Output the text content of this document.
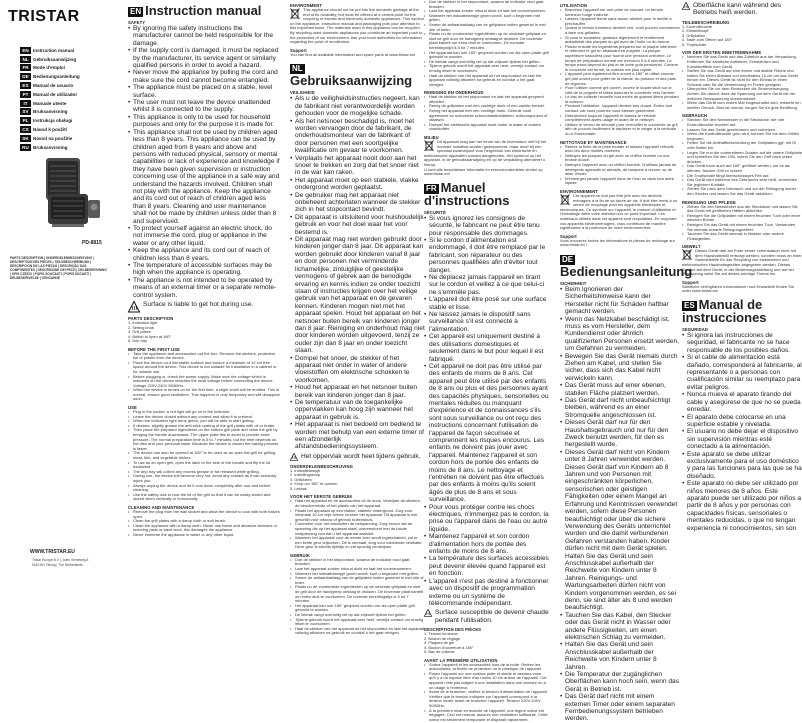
TRISTAR
EN Instruction manual
NL Gebruiksaanwijzing
FR Mode d'emploi
DE Bedienungsanleitung
ES Manual de usuario
PT Manual de utilizador
IT	Manuale utente
SV Bruksanvisning
PL Instrukcja obsługi
CS Návod k použití
SK Návod na použitie
RU Bruksanvisning
PD-8815
PARTS DESCRIPTION | ONDERDELENBESCHRIJVING | DESCRIPTION DES PIÈCES | TEILEBESCHREIBUNG | DESCRIPCIÓN DE LAS PIEZAS | DESCRIÇÃO DAS COMPONENTES | DESCRIZIONE DEI PEZZI | DELBESKRIVNING | OPIS CZĘŚCI | POPIS SOUČÁSTÍ | POPIS SÚČASTÍ | DELBESKRIVELSE | ОПИСАНИЕ
WWW.TRISTAR.EU
Tristar Europe B.V. | Jules Verneweg 8
5015 BH Tilburg | The Netherlands
EN Instruction manual
SAFETY
• By ignoring the safety instructions the manufacturer cannot be held responsible for the damage.
• If the supply cord is damaged, it must be replaced by the manufacturer, its service agent or similarly qualified persons in order to avoid a hazard.
• Never move the appliance by pulling the cord and make sure the cord cannot become entangled.
• The appliance must be placed on a stable, level surface.
• The user must not leave the device unattended whilst it is connected to the supply.
• This appliance is only to be used for household purposes and only for the purpose it is made for.
• This appliance shall not be used by children aged less than 8 years. This appliance can be used by children aged from 8 years and above and persons with reduced physical, sensory or mental capabilities or lack of experience and knowledge if they have been given supervision or instruction concerning use of the appliance in a safe way and understand the hazards involved. Children shall not play with the appliance. Keep the appliance and its cord out of reach of children aged less than 8 years. Cleaning and user maintenance shall not be made by children unless older than 8 and supervised.
• To protect yourself against an electric shock, do not immerse the cord, plug or appliance in the water or any other liquid.
• Keep the appliance and its cord out of reach of children less than 8 years.
• The temperature of accessible surfaces may be high when the appliance is operating.
• The appliance is not intended to be operated by means of an external timer or a separate remote-control system.
Surface is liable to get hot during use.
PARTS DESCRIPTION
1. Indication light
2. Setting knob
3. Grill plates
4. Button to open at 180°
5. Drip tray
BEFORE THE FIRST USE
• Take the appliance and accessories out the box. Remove the stickers, protective foil or plastic from the device.
• Place the device on a flat stable surface and ensure a minimum of 10 cm free space around the device. This device is not suitable for installation in a cabinet or for outside use.
• Before plugging in, check the power supply. Make sure the voltage which is indicated on the device matches the local voltage before connecting the device. Voltage 220V-240V 50/60Hz.
• When the device is turned on for the first time, a slight smell will be emitted. This is normal, ensure good ventilation. This happens in only temporary and will disappear soon.
USE
• Plug in the socket, a red light will go on in the indicator.
• Leave the device closed without any content and allow it to preheat.
• When the indication light turns green, you will be able to start grilling.
• If desired, slightly grease the anti-stick coating of the grill plates with oil or butter.
• Then place the prepared ingredients on the bottom grill plate and close the grill by bringing the handle downwards. The upper plate tilts to avoid to provide extra pressure. The normal preparation time is 5 to 7 minutes, but the time depends on the dish and your personal taste. Because the device is closed the baking process is faster.
• The device can also be opened at 180° to be used as an open flat grill for grilling meat, fish, and vegetable dishes.
• To use as an open grill, open the latch to the side of the handle and flip the lid backward.
• The drip tray will collect any excess grease or fat released while grilling.
• During use, the device will become very hot, avoid any contact as it can seriously injure you.
• Always unplug the device and let it cool down completely after use and before cleaning.
• Use the safety lock to lock the lid of the grill so that it can be easily stored and stored when vertically or horizontally.
CLEANING AND MAINTENANCE
• Remove the plug from the wall socket and allow the device to cool with both halves open.
• Clean the grill plates with a damp cloth or soft brush.
• Clean the appliance with a damp cloth. Never use harsh and abrasive cleaners or scouring pads or steel wool, this damages the appliance.
• Never immerse the appliance in water or any other liquid.
ENVIRONMENT
This appliance should not be put into the domestic garbage at the end of its durability, but must be offered at a central point for the recycling of electric and electronic domestic appliances. This symbol on the appliance, instruction manual and packaging puts your attention to this important issue. The materials used in this appliance can be recycled. By recycling used domestic appliances you contribute an important push to the protection of our environment. Ask your local authorities for information regarding the point of recollection.
Support
You can find all available information and spare parts at www.tristar.eu!
NLGebruiksaanwijzing
VEILIGHEID
• Als u de veiligheidsinstructies negeert, kan de fabrikant niet verantwoordelijk worden gehouden voor de mogelijke schade.
• Als het netsnoer beschadigd is, moet het worden vervangen door de fabrikant, de onderhoudsmonteur van de fabrikant of door personen met een soortgelijke kwalificatie om gevaar te voorkomen.
• Verplaats het apparaat nooit door aan het snoer te trekken en zorg dat het snoer niet in de war kan raken.
• Het apparaat moet op een stabiele, vlakke ondergrond worden geplaatst.
• De gebruiker mag het apparaat niet onbeheerd achterlaten wanneer de stekker zich in het stopcontact bevindt.
• Dit apparaat is uitsluitend voor huishoudelijk gebruik en voor het doel waar het voor bestemd is.
• Dit apparaat mag niet worden gebruikt door kinderen jonger dan 8 jaar. Dit apparaat kan worden gebruikt door kinderen vanaf 8 jaar en door personen met verminderde lichamelijke, zintuiglijke of geestelijke vermogens of gebrek aan de benodigde ervaring en kennis indien ze onder toezicht staan of instructies krijgen over het veilige gebruik van het apparaat en de gevaren kennen. Kinderen mogen niet met het apparaat spelen. Houd het apparaat en het netsnoer buiten bereik van kinderen jonger dan 8 jaar. Reiniging en onderhoud mag niet door kinderen worden uitgevoerd, tenzij ze ouder zijn dan 8 jaar en onder toezicht staan.
• Dompel het snoer, de stekker of het apparaat niet onder in water of andere vloeistoffen om elektrische schokken te voorkomen.
• Houd het apparaat en het netsnoer buiten bereik van kinderen jonger dan 8 jaar.
• De temperatuur van de toegankelijke oppervlakken kan hoog zijn wanneer het apparaat in gebruik is.
• Het apparaat is niet bedoeld om bediend te worden met behulp van een externe timer of een afzonderlijk afstandsbedieningssysteem.
Het oppervlak wordt heet tijdens gebruik.
ONDERDELENBESCHRIJVING
1. Indicatielampje
2. Instellingsknop
3. Grillplaten
4. Knop om 180° te openen
5. Lekbak
VOOR HET EERSTE GEBRUIK
• Haal het apparaat en de accessoires uit de doos. Verwijder de stickers, de beschermfolie of het plastic van het apparaat.
• Plaats het apparaat op een vlakke, stabiele ondergrond. Zorg voor minimaal 10 cm vrije ruimte rondom het apparaat. Dit apparaat is niet geschikt voor inbouw of gebruik buitenshuis.
• Controleer voor het aansluiten de netspanning. Zorg ervoor dat de spanning die op het apparaat staat, overeenkomt met de lokale netspanning voordat u het apparaat aansluit.
• Wanneer het apparaat voor de eerste keer wordt ingeschakeld, zal er een lichte geur vrijkomen. Dit is normaal, zorg voor voldoende ventilatie. Deze geur is slechts tijdelijk en zal spoedig verdwijnen.
GEBRUIK
• Doe de stekker in het stopcontact, waarna de indicator rood gaat branden.
• Laat het apparaat zonder inhoud dicht en laat het voorverwarmen.
• Wanneer het indicatielampje groen wordt, kunt u beginnen met grillen.
• Smeer de antiaanbaklaag van de grillplaten indien gewenst in met olie of boter.
• Plaats nu de voorbereide ingrediënten op de onderste grillplaat en sluit de grill door de handgreep omlaag te drukken. De bovenste plaat kantelt om extra druk te voorkomen. De normale bereidingstijd is 5 tot 7 minuten.
• Het apparaat kan ook 180° geopend worden om als open platte grill gebruikt te worden.
• De lekbak vangt overtollig vet op dat vrijkomt tijdens het grillen.
• Tijdens gebruik wordt het apparaat zeer heet, vermijd contact om ernstig letsel te voorkomen.
• Haal de stekker van het apparaat uit het stopcontact en laat het apparaat volledig afkoelen na gebruik en voordat u het gaat reinigen.
• Doe de stekker in het stopcontact, waarna de indicator rood gaat branden.
• Laat het apparaat zonder inhoud dicht en laat het voorverwarmen.
• Wanneer het indicatielampje groen wordt, kunt u beginnen met grillen.
• Smeer de antiaanbaklaag van de grillplaten indien gewenst in met olie of boter.
• Plaats nu de voorbereide ingrediënten op de onderste grillplaat en sluit de grill door de handgreep omlaag te drukken. De bovenste plaat kantelt om extra druk te voorkomen. De normale bereidingstijd is 5 tot 7 minuten.
• Het apparaat kan ook 180° geopend worden om als open platte grill gebruikt te worden.
• De lekbak vangt overtollig vet op dat vrijkomt tijdens het grillen.
• Tijdens gebruik wordt het apparaat zeer heet, vermijd contact om ernstig letsel te voorkomen.
• Haal de stekker van het apparaat uit het stopcontact en laat het apparaat volledig afkoelen na gebruik en voordat u het gaat reinigen.
REINIGING EN ONDERHOUD
• Haal de stekker uit het stopcontact en laat het apparaat geopend afkoelen.
• Reinig de grillplaten met een vochtige doek of een zachte borstel.
• Reinig het apparaat met een vochtige doek. Gebruik nooit agressieve en schurende schoonmaakmiddelen, schuursponzen of staalwol.
• Dompel het elektrische apparaat nooit onder in water of andere vloeistoffen.
MILIEU
Dit apparaat mag aan het einde van de levensduur niet bij het normale huisafval worden gedeponeerd, maar moet bij een speciaal inzamelpunt voor hergebruik van elektrische en elektronische apparaten worden aangeboden. Het symbool op het apparaat, in de gebruiksaanwijzing en op de verpakking attendeert u hierop.
U kunt alle beschikbare informatie en reserveonderdelen vinden op www.tristar.eu!
FR Manuel d'instructions
SÉCURITÉ
• Si vous ignorez les consignes de sécurité, le fabricant ne peut être tenu pour responsable des dommages.
• Si le cordon d'alimentation est endommagé, il doit être remplacé par le fabricant, son réparateur ou des personnes qualifiées afin d'éviter tout danger.
• Ne déplacez jamais l'appareil en tirant sur le cordon et veillez à ce que celui-ci ne s'emmêle pas.
• L'appareil doit être posé sur une surface stable et lisse.
• Ne laissez jamais le dispositif sans surveillance s'il est connecté à l'alimentation.
• Cet appareil est uniquement destiné à des utilisations domestiques et seulement dans le but pour lequel il est fabriqué.
• Cet appareil ne doit pas être utilisé par des enfants de moins de 8 ans. Cet appareil peut être utilisé par des enfants de 8 ans ou plus et des personnes ayant des capacités physiques, sensorielles ou mentales réduites ou manquant d'expérience et de connaissances s'ils sont sous surveillance ou ont reçu des instructions concernant l'utilisation de l'appareil de façon sécurisée et comprennent les risques encourus. Les enfants ne doivent pas jouer avec l'appareil. Maintenez l'appareil et son cordon hors de portée des enfants de moins de 8 ans. Le nettoyage et l'entretien ne doivent pas être effectués par des enfants à moins qu'ils soient âgés de plus de 8 ans et sous surveillance.
• Pour vous protéger contre les chocs électriques, n'immergez pas le cordon, la prise ou l'appareil dans de l'eau ou autre liquide.
• Maintenez l'appareil et son cordon d'alimentation hors de portée des enfants de moins de 8 ans.
• La température des surfaces accessibles peut devenir élevée quand l'appareil est en fonction.
• L'appareil n'est pas destiné à fonctionner avec un dispositif de programmation externe ou un système de télécommande indépendant.
Surface susceptible de devenir chaude pendant l'utilisation.
DESCRIPTION DES PIÈCES
1. Témoin lumineux
2. Bouton de réglage
3. Plaques de gril
4. Bouton d'ouverture à 180°
5. Bac de collecte
AVANT LA PREMIÈRE UTILISATION
• Sortez l'appareil et les accessoires hors de la boîte. Retirez les autocollants, la feuille de protection ou le plastique de l'appareil.
• Posez l'appareil sur une surface plate et stable et assurez-vous qu'il y a un espace libre d'au moins 10 cm autour de l'appareil. Cet appareil n'est pas adapté à une installation dans une armoire ou à un usage à l'extérieur.
• Avant de le brancher, vérifiez la tension d'alimentation de l'appareil. Vérifiez que la tension indiquée sur l'appareil correspond à la tension locale avant de brancher l'appareil. Tension 220V-240V 50/60Hz.
• À la première mise en marche de l'appareil, une légère odeur est dégagée. Ceci est normal, assurez une ventilation suffisante. Cette odeur est seulement temporaire et disparaît rapidement.
UTILISATION
• Branchez l'appareil sur une prise de courant, un témoin lumineux rouge s'allume.
• Laissez l'appareil fermé sans aucun aliment pour le mettre à préchauffer.
• Quand le témoin lumineux devient vert, vous pouvez commencer à faire vos grillades.
• Si vous le souhaitez, graissez légèrement le revêtement antiadhésif des plaques du gril avec de l'huile ou du beurre.
• Placez ensuite les ingrédients préparés sur la plaque inférieure et refermez le gril en abaissant sa poignée. La plaque supérieure basculera pour fournir une pression uniforme. Le temps de préparation normal est d'environ 5 à 8 minutes. Le temps exact dépend du plat et de votre goût personnel. Comme le couvercle est fermé, la cuisson est plus rapide.
• L'appareil peut également être ouvert à 180° et utilisé comme gril plat ouvert pour griller de la viande, du poisson et des plats de légumes.
• Pour l'utiliser comme gril ouvert, ouvrez le loquet situé sur le côté de la poignée et faites basculer le couvercle vers l'arrière.
• Le bac de collecte recueille tout excès de graisse libéré pendant la cuisson.
• Pendant l'utilisation, l'appareil devient très chaud. Évitez tout contact, car vous pourriez vous blesser gravement.
• Débranchez toujours l'appareil et laissez-le refroidir complètement après usage et avant de le nettoyer.
• Utilisez le verrou de sécurité pour verrouiller le couvercle du gril afin de pouvoir facilement le déplacer et le ranger à la verticale ou à l'horizontale.
NETTOYAGE ET MAINTENANCE
• Retirez la fiche de la prise murale et laissez l'appareil refroidir avec les deux moitiés ouvertes.
• Nettoyez les plaques du gril avec un chiffon humide ou une brosse douce.
• Nettoyez l'appareil avec un chiffon humide. N'utilisez jamais de détergents agressifs et abrasifs, de tampons à récurer ou de laine d'acier.
• N'immergez jamais l'appareil dans de l'eau ou dans tout autre liquide.
ENVIRONNEMENT
Cet appareil ne doit pas être jeté avec les déchets ménagers à la fin de sa durée de vie. Il doit être remis à un centre de recyclage pour les appareils électriques et électroniques. Ce symbole sur l'appareil, le manuel d'utilisation et l'emballage attire votre attention sur ce point important. Les matériaux utilisés dans cet appareil sont recyclables. En recyclant vos appareils électroménagers, vous contribuez de manière significative à la protection de notre environnement.
Support
Vous trouverez toutes les informations et pièces de rechange sur www.tristar.eu !
DEBedienungsanleitung
SICHERHEIT
• Beim Ignorieren der Sicherheitshinweise kann der Hersteller nicht für Schäden haftbar gemacht werden.
• Wenn das Netzkabel beschädigt ist, muss es vom Hersteller, dem Kundendienst oder ähnlich qualifizierten Personen ersetzt werden, um Gefahren zu vermeiden.
• Bewegen Sie das Gerät niemals durch Ziehen am Kabel, und stellen Sie sicher, dass sich das Kabel nicht verwickeln kann.
• Das Gerät muss auf einer ebenen, stabilen Fläche platziert werden.
• Das Gerät darf nicht unbeaufsichtigt bleiben, während es an einer Stromquelle angeschlossen ist.
• Dieses Gerät darf nur für den Haushaltsgebrauch und nur für den Zweck benutzt werden, für den es hergestellt wurde.
• Dieses Gerät darf nicht von Kindern unter 8 Jahren verwendet werden. Dieses Gerät darf von Kindern ab 8 Jahren und von Personen mit eingeschränkten körperlichen, sensorischen oder geistigen Fähigkeiten oder einem Mangel an Erfahrung und Kenntnissen verwendet werden, sofern diese Personen beaufsichtigt oder über die sichere Verwendung des Geräts unterrichtet wurden und die damit verbundenen Gefahren verstanden haben. Kinder dürfen nicht mit dem Gerät spielen. Halten Sie das Gerät und sein Anschlusskabel außerhalb der Reichweite von Kindern unter 8 Jahren. Reinigungs- und Wartungsarbeiten dürfen nicht von Kindern vorgenommen werden, es sei denn, sie sind älter als 8 und werden beaufsichtigt.
• Tauchen Sie das Kabel, den Stecker oder das Gerät nicht in Wasser oder andere Flüssigkeiten, um einen elektrischen Schlag zu vermeiden.
• Halten Sie das Gerät und sein Anschlusskabel außerhalb der Reichweite von Kindern unter 8 Jahren.
• Die Temperatur der zugänglichen Oberflächen kann hoch sein, wenn das Gerät in Betrieb ist.
• Das Gerät darf nicht mit einem externen Timer oder einem separaten Fernbedienungssystem betrieben werden.
Oberfläche kann während des Betriebs heiß werden.
TEILEBESCHREIBUNG
1. Kontrollleuchte
2. Einstellknopf
3. Grillplatten
4. Taste zum Öffnen auf 180°
5. Tropfschale
VOR DER ERSTEN INBETRIEBNAHME
• Nehmen Sie das Gerät und das Zubehör aus der Verpackung. Entfernen Sie sämtliche Aufkleber, Schutzfolien und Kunststoffteile vom Gerät.
• Stellen Sie das Gerät auf eine ebene und stabile Fläche und halten Sie einen Abstand von mindestens 10 cm um das Gerät herum ein. Dieses Gerät ist nicht für den Einbau in einen Schrank oder für die Verwendung im Freien geeignet.
• Überprüfen Sie vor dem Einstecken die Stromversorgung. Achten Sie darauf, dass die Spannung auf dem Gerät mit der örtlichen Netzspannung übereinstimmt.
• Wenn das Gerät zum ersten Mal eingeschaltet wird, entsteht ein leichter Geruch. Dies ist normal, sorgen Sie für gute Belüftung.
GEBRAUCH
• Stecken Sie den Netzstecker in die Steckdose; die rote Kontrollleuchte leuchtet auf.
• Lassen Sie das Gerät geschlossen und vorheizen.
• Wenn die Kontrollleuchte grün wird, können Sie mit dem Grillen beginnen.
• Fetten Sie die Antihaftbeschichtung der Grillplatten ggf. mit Öl oder Butter ein.
• Legen Sie nun die vorbereiteten Zutaten auf die untere Grillplatte und schließen Sie den Grill, indem Sie den Griff nach unten drücken.
• Das Gerät kann auch auf 180° geöffnet werden, um es als offenen, flachen Grill zu nutzen.
• Die Tropfschale fängt überschüssiges Fett auf.
• Das Gerät wird während des Gebrauchs sehr heiß, vermeiden Sie jeglichen Kontakt.
• Ziehen Sie nach dem Gebrauch und vor der Reinigung immer den Stecker und lassen Sie das Gerät abkühlen.
REINIGUNG UND PFLEGE
• Ziehen Sie den Netzstecker aus der Steckdose und lassen Sie das Gerät mit geöffneten Hälften abkühlen.
• Reinigen Sie die Grillplatten mit einem feuchten Tuch oder einer weichen Bürste.
• Reinigen Sie das Gerät mit einem feuchten Tuch. Verwenden Sie niemals scharfe Reinigungsmittel.
• Tauchen Sie das Gerät niemals in Wasser oder andere Flüssigkeiten.
UMWELT
Dieses Gerät darf am Ende seiner Lebensdauer nicht mit dem Haushaltsmüll entsorgt werden, sondern muss an einer Sammelstelle für das Recycling von elektrischen und elektronischen Haushaltsgeräten abgegeben werden. Dieses Symbol auf dem Gerät, in der Bedienungsanleitung und auf der Verpackung weist Sie auf dieses wichtige Thema hin.
Support
Sämtliche verfügbaren Informationen und Ersatzteile finden Sie unter www.tristar.eu!
ES Manual de instrucciones
SEGURIDAD
• Si ignora las instrucciones de seguridad, el fabricante no se hace responsable de los posibles daños.
• Si el cable de alimentación está dañado, corresponderá al fabricante, al representante o a personas con cualificación similar su reemplazo para evitar peligros.
• Nunca mueva el aparato tirando del cable y asegúrese de que no se pueda enredar.
• El aparato debe colocarse en una superficie estable y nivelada.
• El usuario no debe dejar el dispositivo sin supervisión mientras esté conectado a la alimentación.
• Este aparato se debe utilizar exclusivamente para el uso doméstico y para las funciones para las que se ha diseñado.
• Este aparato no debe ser utilizado por niños menores de 8 años. Este aparato puede ser utilizado por niños a partir de 8 años y por personas con capacidades físicas, sensoriales o mentales reducidas, o que no tengan experiencia ni conocimientos, sin son
